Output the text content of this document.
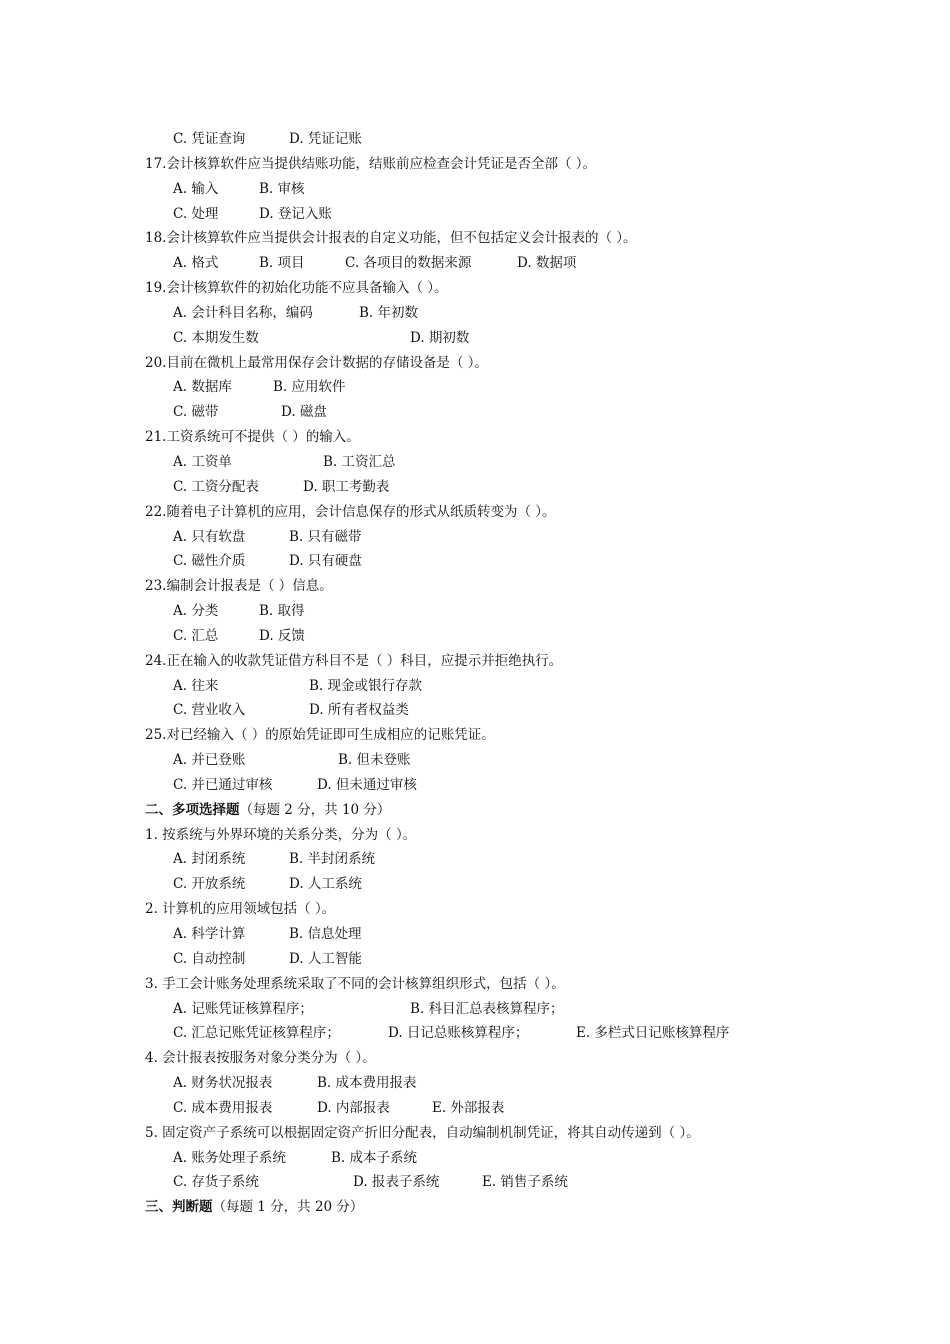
C. 凭证查询	D. 凭证记账
17.会计核算软件应当提供结账功能，结账前应检查会计凭证是否全部（ ）。
A. 输入	B. 审核
C. 处理	D. 登记入账
18.会计核算软件应当提供会计报表的自定义功能，但不包括定义会计报表的（ ）。
A. 格式	B. 项目	C. 各项目的数据来源	D. 数据项
19.会计核算软件的初始化功能不应具备输入（ ）。
A. 会计科目名称，编码	B. 年初数
C. 本期发生数	D. 期初数
20.目前在微机上最常用保存会计数据的存储设备是（ ）。
A. 数据库	B. 应用软件
C. 磁带	D. 磁盘
21.工资系统可不提供（ ）的输入。
A. 工资单	B. 工资汇总
C. 工资分配表	D. 职工考勤表
22.随着电子计算机的应用，会计信息保存的形式从纸质转变为（ ）。
A. 只有软盘	B. 只有磁带
C. 磁性介质	D. 只有硬盘
23.编制会计报表是（ ）信息。
A. 分类	B. 取得
C. 汇总	D. 反馈
24.正在输入的收款凭证借方科目不是（ ）科目，应提示并拒绝执行。
A. 往来	B. 现金或银行存款
C. 营业收入	D. 所有者权益类
25.对已经输入（ ）的原始凭证即可生成相应的记账凭证。
A. 并已登账	B. 但未登账
C. 并已通过审核	D. 但未通过审核
二、多项选择题（每题 2 分，共 10 分）
1. 按系统与外界环境的关系分类，分为（ ）。
A. 封闭系统	B. 半封闭系统
C. 开放系统	D. 人工系统
2. 计算机的应用领域包括（ ）。
A. 科学计算	B. 信息处理
C. 自动控制	D. 人工智能
3. 手工会计账务处理系统采取了不同的会计核算组织形式，包括（ ）。
A. 记账凭证核算程序；	B. 科目汇总表核算程序；
C. 汇总记账凭证核算程序；	D. 日记总账核算程序；	E. 多栏式日记账核算程序
4. 会计报表按服务对象分类分为（ ）。
A. 财务状况报表	B. 成本费用报表
C. 成本费用报表	D. 内部报表	E. 外部报表
5. 固定资产子系统可以根据固定资产折旧分配表，自动编制机制凭证，将其自动传递到（ ）。
A. 账务处理子系统	B. 成本子系统
C. 存货子系统	D. 报表子系统	E. 销售子系统
三、判断题（每题 1 分，共 20 分）
